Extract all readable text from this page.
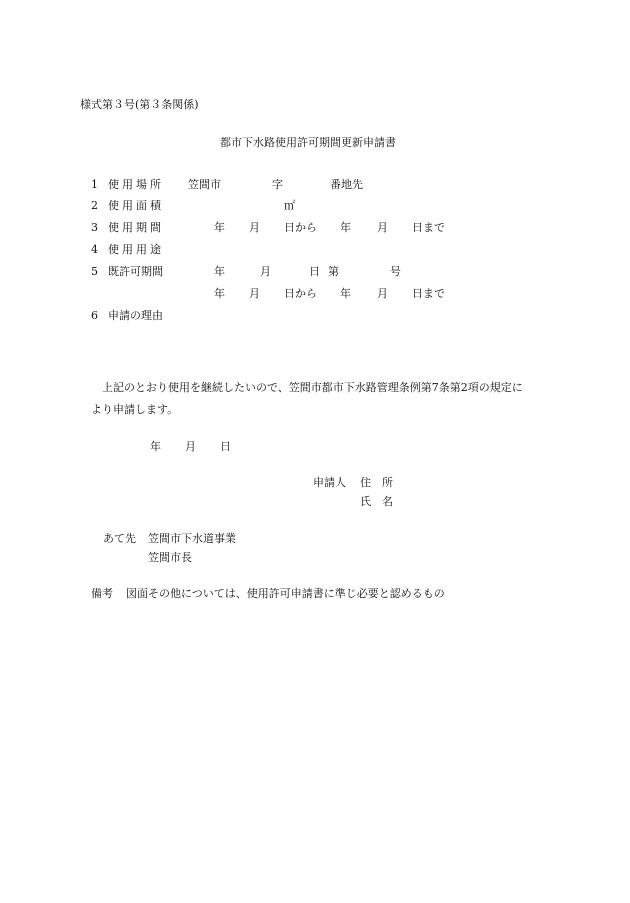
様式第３号(第３条関係)
都市下水路使用許可期間更新申請書
1 使用場所 笠間市	字	番地先
2 使用面積	㎡
3 使用期間	年 月 日から 年 月 日まで
4 使用用途
5 既許可期間	年	月	日 第	号
年 月 日から 年 月 日まで
6 申請の理由
上記のとおり使用を継続したいので、笠間市都市下水路管理条例第7条第2項の規定に
より申請します。
年 月 日
申請人 住　所
氏　名
あて先 笠間市下水道事業
笠間市長
備考 図面その他については、使用許可申請書に準じ必要と認めるもの
